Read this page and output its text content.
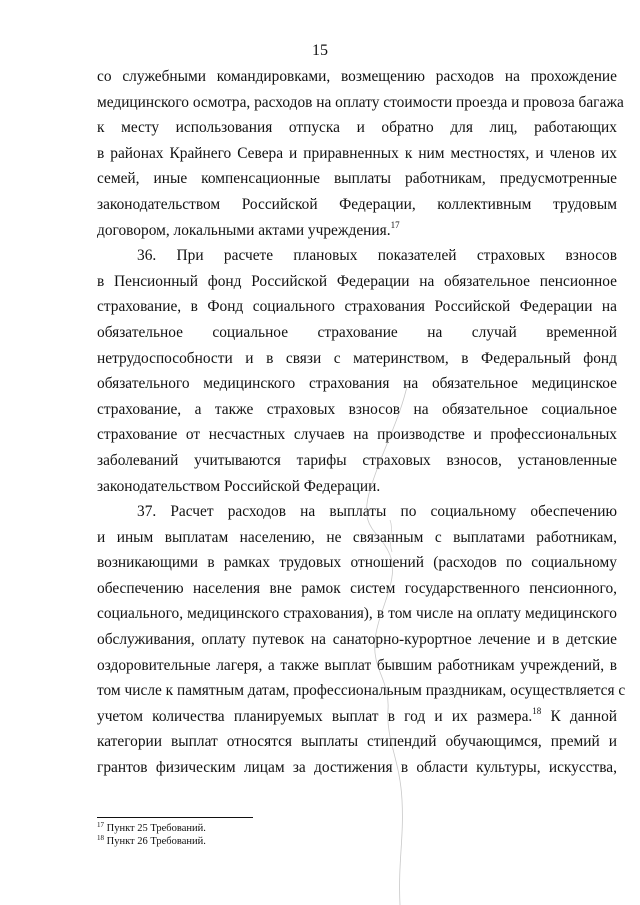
15
со служебными командировками, возмещению расходов на прохождение
медицинского осмотра, расходов на оплату стоимости проезда и провоза багажа
к месту использования отпуска и обратно для лиц, работающих
в районах Крайнего Севера и приравненных к ним местностях, и членов их
семей, иные компенсационные выплаты работникам, предусмотренные
законодательством Российской Федерации, коллективным трудовым
договором, локальными актами учреждения.$^{17}$
36. При расчете плановых показателей страховых взносов
в Пенсионный фонд Российской Федерации на обязательное пенсионное
страхование, в Фонд социального страхования Российской Федерации на
обязательное социальное страхование на случай временной
нетрудоспособности и в связи с материнством, в Федеральный фонд
обязательного медицинского страхования на обязательное медицинское
страхование, а также страховых взносов на обязательное социальное
страхование от несчастных случаев на производстве и профессиональных
заболеваний учитываются тарифы страховых взносов, установленные
законодательством Российской Федерации.
37. Расчет расходов на выплаты по социальному обеспечению
и иным выплатам населению, не связанным с выплатами работникам,
возникающими в рамках трудовых отношений (расходов по социальному
обеспечению населения вне рамок систем государственного пенсионного,
социального, медицинского страхования), в том числе на оплату медицинского
обслуживания, оплату путевок на санаторно-курортное лечение и в детские
оздоровительные лагеря, а также выплат бывшим работникам учреждений, в
том числе к памятным датам, профессиональным праздникам, осуществляется с
учетом количества планируемых выплат в год и их размера.$^{18}$ К данной
категории выплат относятся выплаты стипендий обучающимся, премий и
грантов физическим лицам за достижения в области культуры, искусства,
$^{17}$ Пункт 25 Требований.
$^{18}$ Пункт 26 Требований.
